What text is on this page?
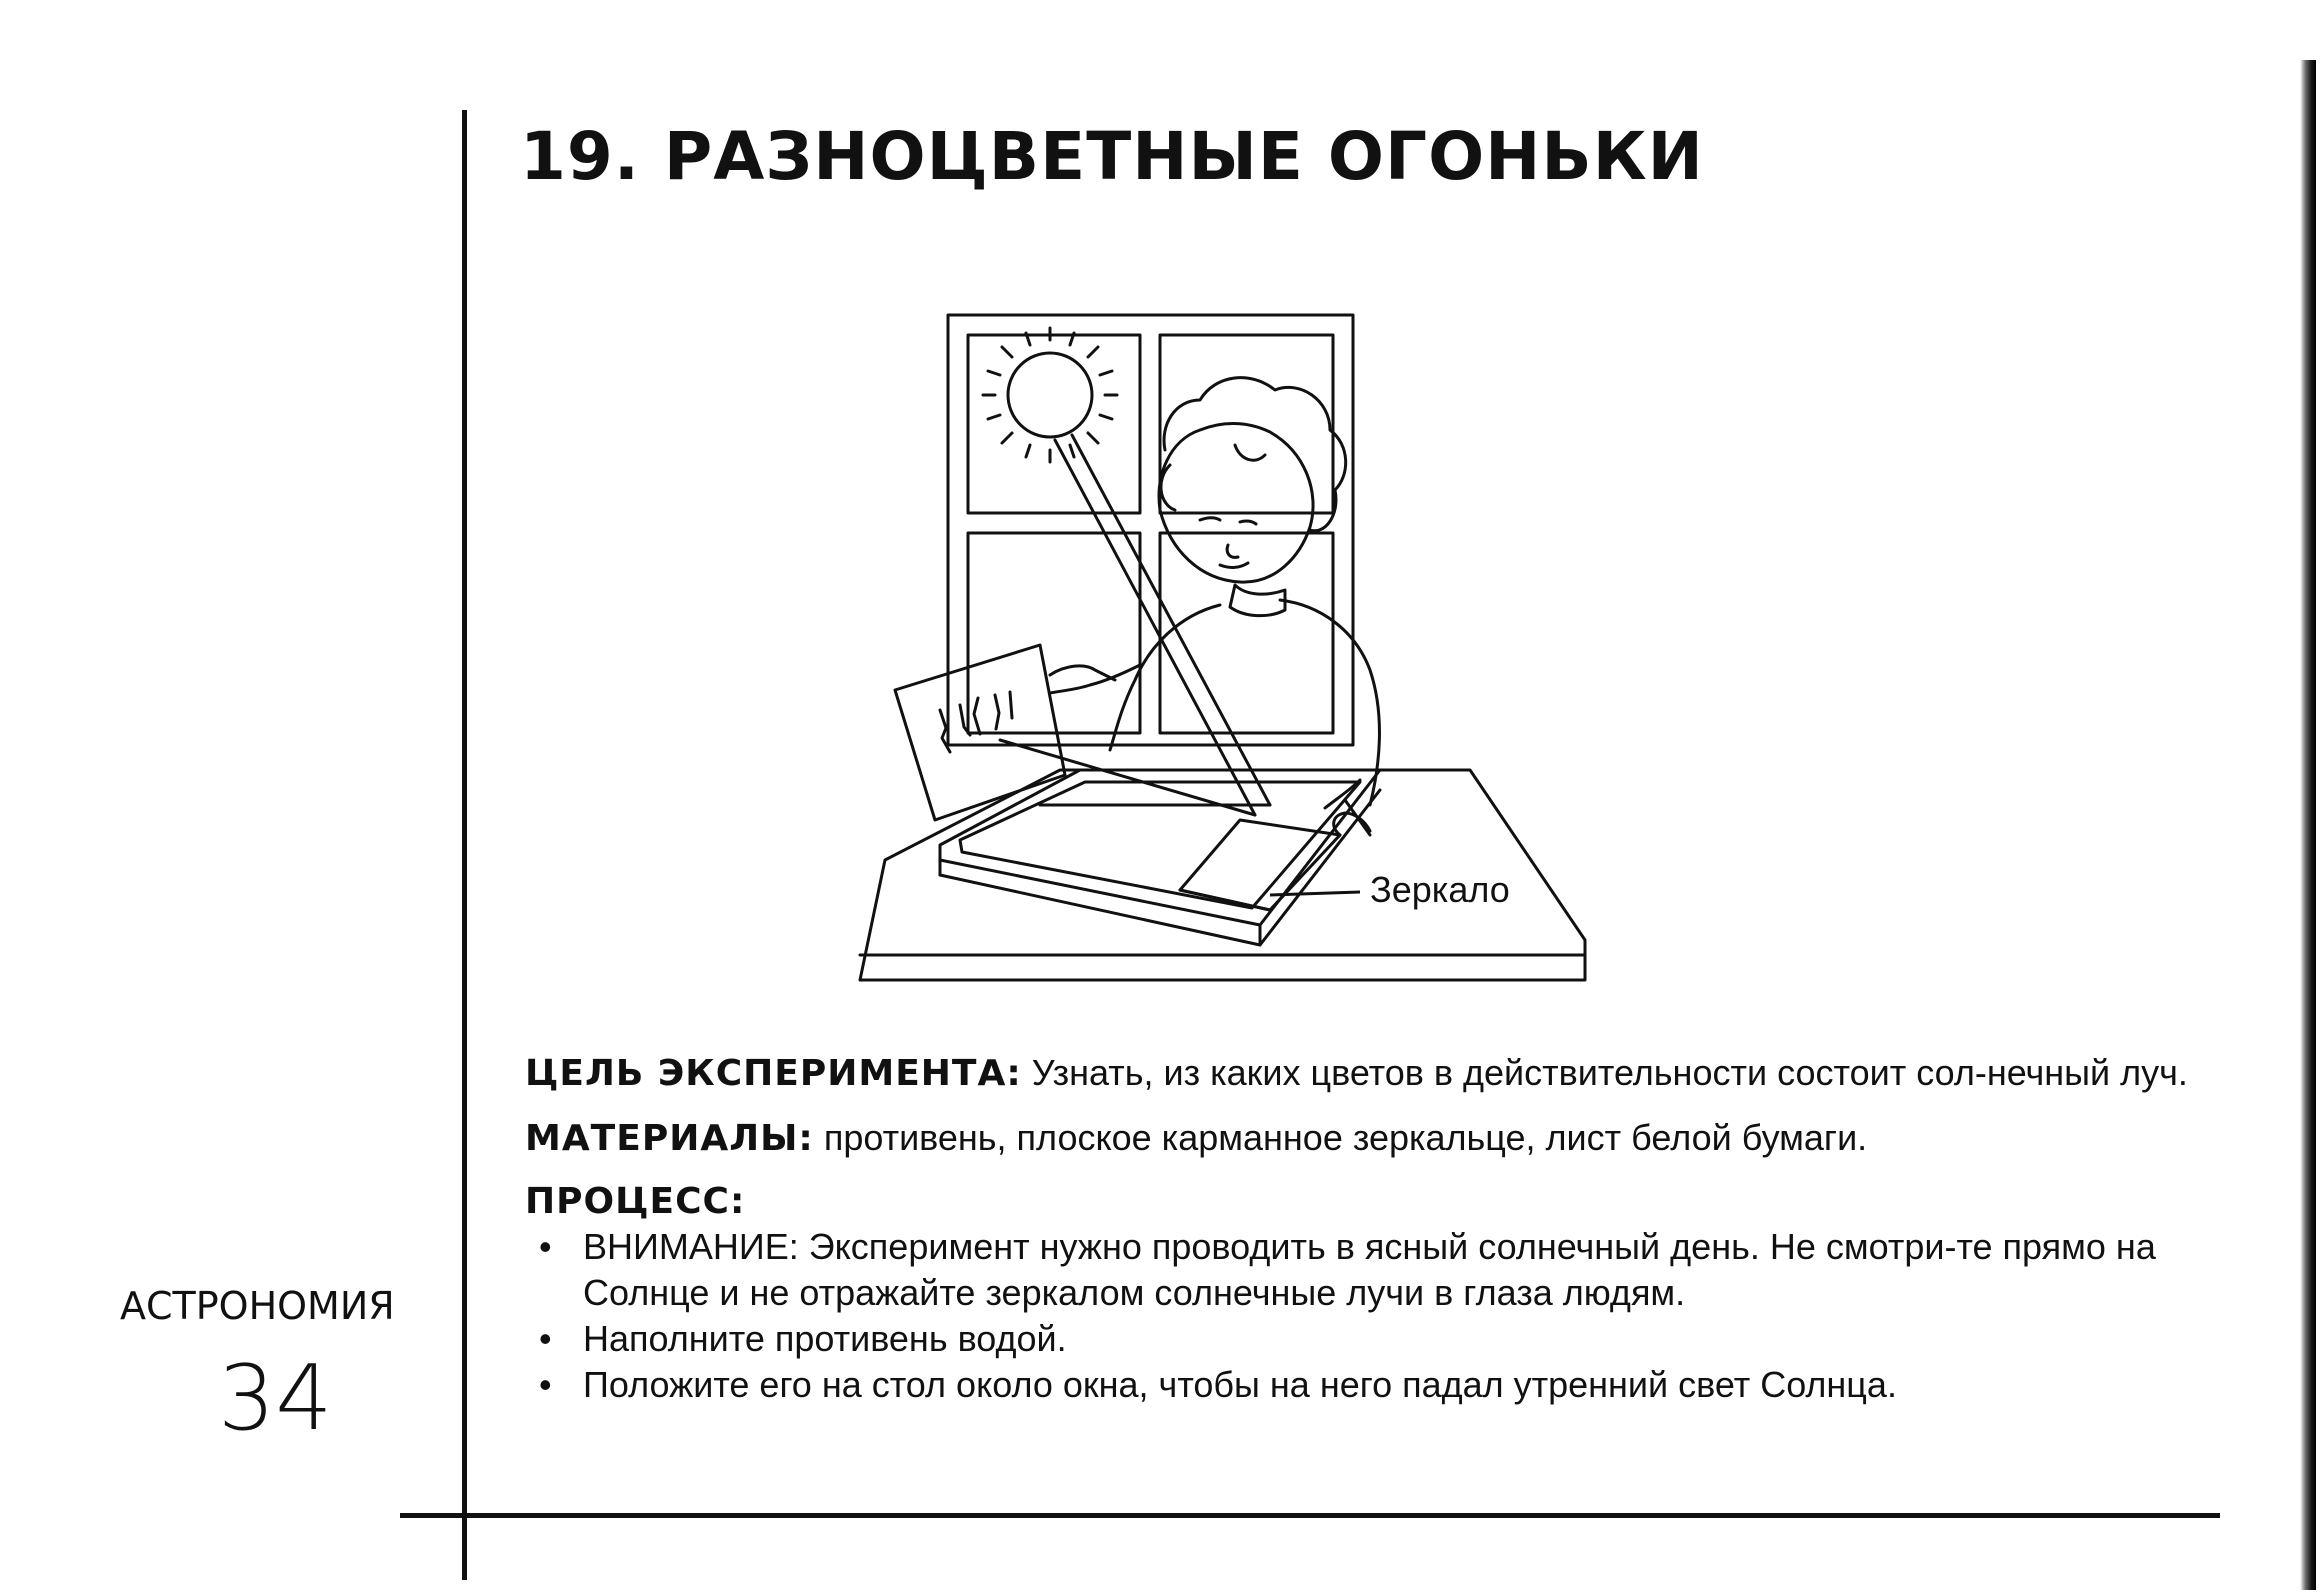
19. РАЗНОЦВЕТНЫЕ ОГОНЬКИ
Зеркало

ЦЕЛЬ ЭКСПЕРИМЕНТА: Узнать, из каких цветов в действительности состоит сол-нечный луч.

МАТЕРИАЛЫ: противень, плоское карманное зеркальце, лист белой бумаги.

ПРОЦЕСС:

• ВНИМАНИЕ: Эксперимент нужно проводить в ясный солнечный день. Не смотри-те прямо на Солнце и не отражайте зеркалом солнечные лучи в глаза людям.
• Наполните противень водой.
• Положите его на стол около окна, чтобы на него падал утренний свет Солнца.
АСТРОНОМИЯ
34
